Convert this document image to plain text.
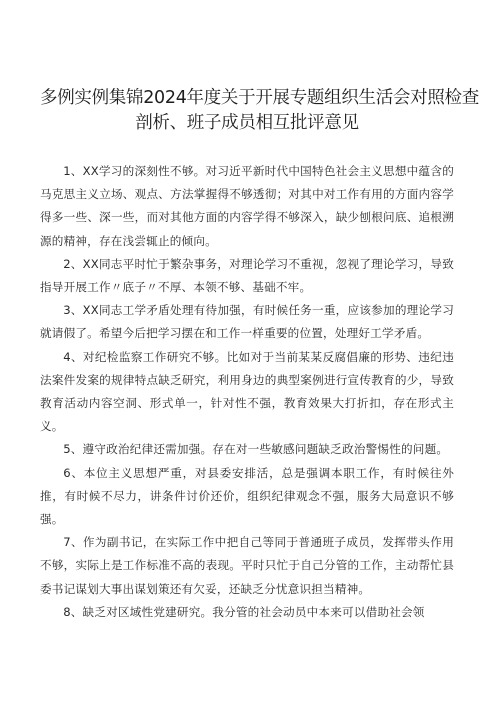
多例实例集锦2024年度关于开展专题组织生活会对照检查
剖析、班子成员相互批评意见

1、XX学习的深刻性不够。对习近平新时代中国特色社会主义思想中蕴含的马克思主义立场、观点、方法掌握得不够透彻；对其中对工作有用的方面内容学得多一些、深一些，而对其他方面的内容学得不够深入，缺少刨根问底、追根溯源的精神，存在浅尝辄止的倾向。

2、XX同志平时忙于繁杂事务，对理论学习不重视，忽视了理论学习，导致指导开展工作〃底子〃不厚、本领不够、基础不牢。

3、XX同志工学矛盾处理有待加强，有时候任务一重，应该参加的理论学习就请假了。希望今后把学习摆在和工作一样重要的位置，处理好工学矛盾。

4、对纪检监察工作研究不够。比如对于当前某某反腐倡廉的形势、违纪违法案件发案的规律特点缺乏研究，利用身边的典型案例进行宣传教育的少，导致教育活动内容空洞、形式单一，针对性不强，教育效果大打折扣，存在形式主义。

5、遵守政治纪律还需加强。存在对一些敏感问题缺乏政治警惕性的问题。

6、本位主义思想严重，对县委安排活，总是强调本职工作，有时候往外推，有时候不尽力，讲条件讨价还价，组织纪律观念不强，服务大局意识不够强。

7、作为副书记，在实际工作中把自己等同于普通班子成员，发挥带头作用不够，实际上是工作标准不高的表现。平时只忙于自己分管的工作，主动帮忙县委书记谋划大事出谋划策还有欠妥，还缺乏分忧意识担当精神。

8、缺乏对区域性党建研究。我分管的社会动员中本来可以借助社会领
